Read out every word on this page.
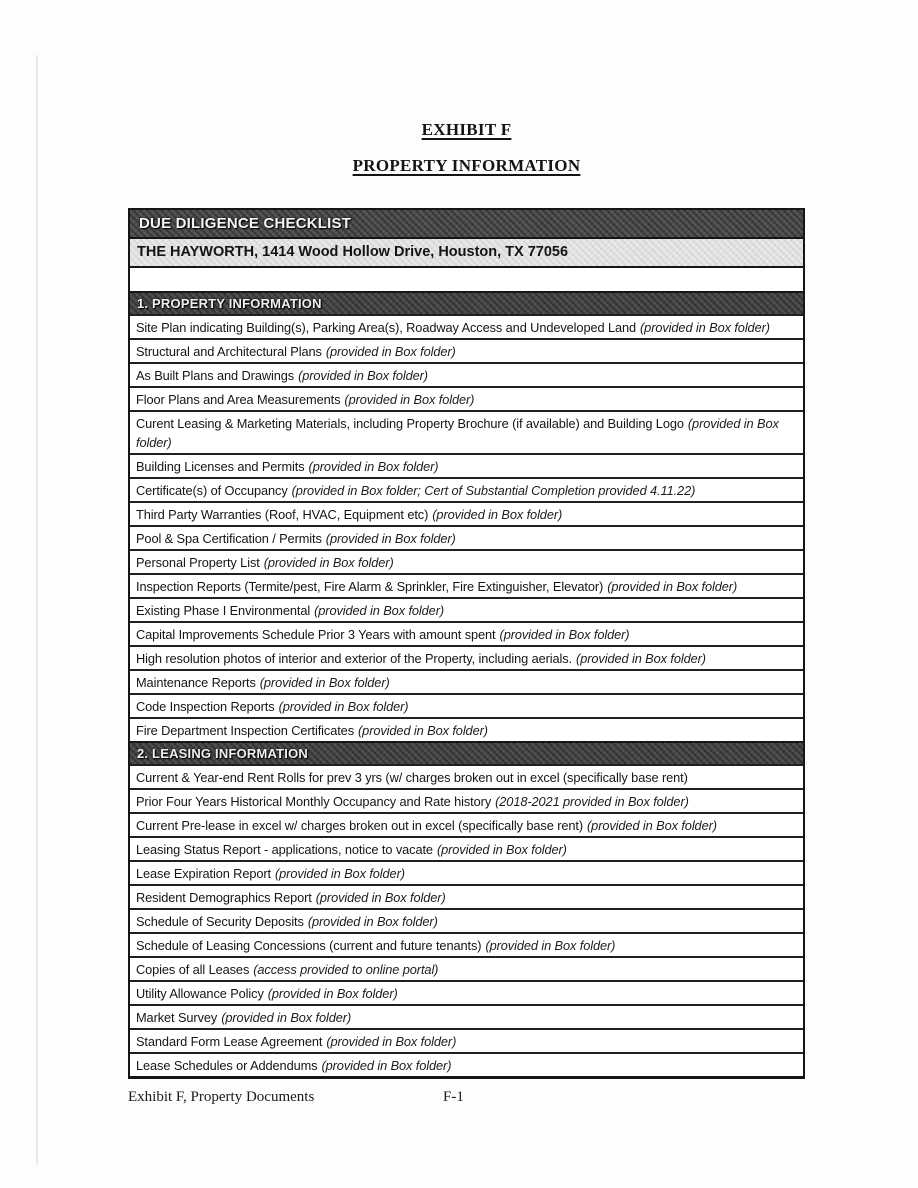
EXHIBIT F
PROPERTY INFORMATION
DUE DILIGENCE CHECKLIST
THE HAYWORTH, 1414 Wood Hollow Drive, Houston, TX 77056
1. PROPERTY INFORMATION
Site Plan indicating Building(s), Parking Area(s), Roadway Access and Undeveloped Land (provided in Box folder)
Structural and Architectural Plans (provided in Box folder)
As Built Plans and Drawings (provided in Box folder)
Floor Plans and Area Measurements (provided in Box folder)
Curent Leasing & Marketing Materials, including Property Brochure (if available) and Building Logo (provided in Box folder)
Building Licenses and Permits (provided in Box folder)
Certificate(s) of Occupancy (provided in Box folder; Cert of Substantial Completion provided 4.11.22)
Third Party Warranties (Roof, HVAC, Equipment etc) (provided in Box folder)
Pool & Spa Certification / Permits (provided in Box folder)
Personal Property List (provided in Box folder)
Inspection Reports (Termite/pest, Fire Alarm & Sprinkler, Fire Extinguisher, Elevator) (provided in Box folder)
Existing Phase I Environmental (provided in Box folder)
Capital Improvements Schedule Prior 3 Years with amount spent (provided in Box folder)
High resolution photos of interior and exterior of the Property, including aerials. (provided in Box folder)
Maintenance Reports (provided in Box folder)
Code Inspection Reports (provided in Box folder)
Fire Department Inspection Certificates (provided in Box folder)
2. LEASING INFORMATION
Current & Year-end Rent Rolls for prev 3 yrs (w/ charges broken out in excel (specifically base rent)
Prior Four Years Historical Monthly Occupancy and Rate history (2018-2021 provided in Box folder)
Current Pre-lease in excel w/ charges broken out in excel (specifically base rent) (provided in Box folder)
Leasing Status Report - applications, notice to vacate (provided in Box folder)
Lease Expiration Report (provided in Box folder)
Resident Demographics Report (provided in Box folder)
Schedule of Security Deposits (provided in Box folder)
Schedule of Leasing Concessions (current and future tenants) (provided in Box folder)
Copies of all Leases (access provided to online portal)
Utility Allowance Policy (provided in Box folder)
Market Survey (provided in Box folder)
Standard Form Lease Agreement (provided in Box folder)
Lease Schedules or Addendums (provided in Box folder)
Exhibit F, Property Documents	F-1
